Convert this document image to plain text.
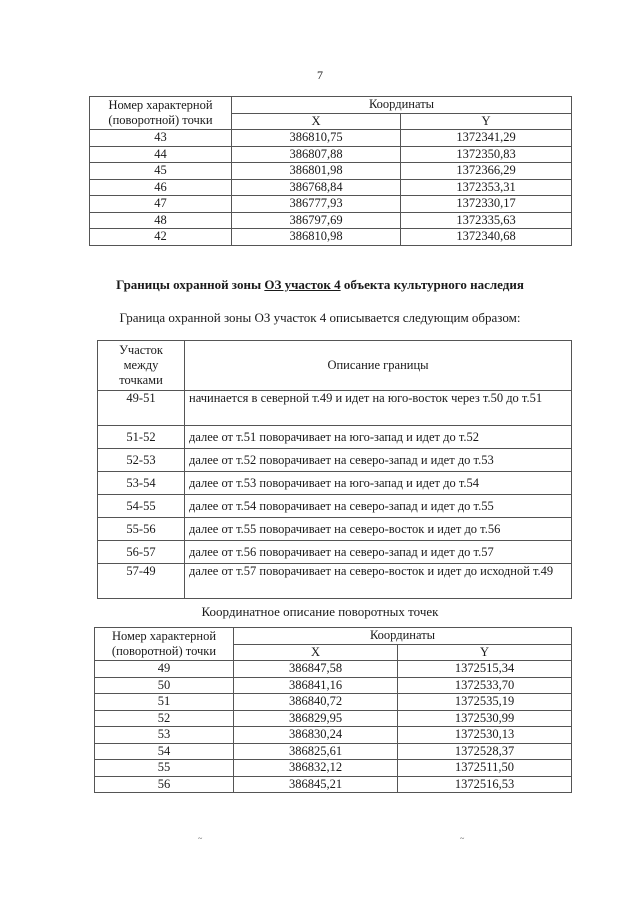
7
Номер характерной
(поворотной) точки	Координаты	
	X	Y
43	386810,75	1372341,29
44	386807,88	1372350,83
45	386801,98	1372366,29
46	386768,84	1372353,31
47	386777,93	1372330,17
48	386797,69	1372335,63
42	386810,98	1372340,68
Границы охранной зоны ОЗ участок 4 объекта культурного наследия
Граница охранной зоны ОЗ участок 4 описывается следующим образом:
Участок
между
точками	Описание границы
49-51	начинается в северной т.49 и идет на юго-восток через т.50 до т.51
51-52	далее от т.51 поворачивает на юго-запад и идет до т.52
52-53	далее от т.52 поворачивает на северо-запад и идет до т.53
53-54	далее от т.53 поворачивает на юго-запад и идет до т.54
54-55	далее от т.54 поворачивает на северо-запад и идет до т.55
55-56	далее от т.55 поворачивает на северо-восток и идет до т.56
56-57	далее от т.56 поворачивает на северо-запад и идет до т.57
57-49	далее от т.57 поворачивает на северо-восток и идет до исходной т.49
Координатное описание поворотных точек
Номер характерной
(поворотной) точки	Координаты	
	X	Y
49	386847,58	1372515,34
50	386841,16	1372533,70
51	386840,72	1372535,19
52	386829,95	1372530,99
53	386830,24	1372530,13
54	386825,61	1372528,37
55	386832,12	1372511,50
56	386845,21	1372516,53
~	~
